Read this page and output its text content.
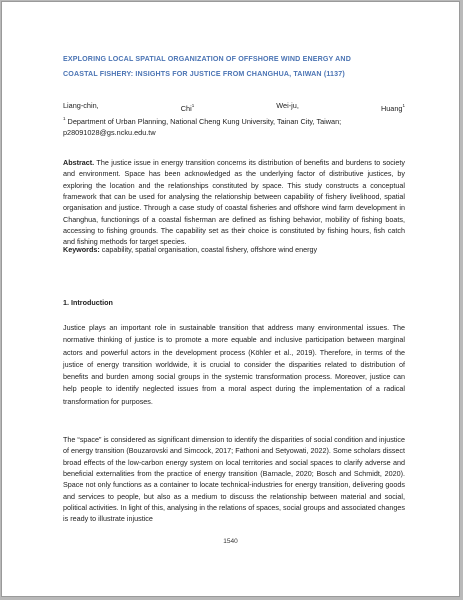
EXPLORING LOCAL SPATIAL ORGANIZATION OF OFFSHORE WIND ENERGY AND
COASTAL FISHERY: INSIGHTS FOR JUSTICE FROM CHANGHUA, TAIWAN (1137)
Liang-chin,	Chi$^1$	Wei-ju,	Huang$^1$
$^1$ Department of Urban Planning, National Cheng Kung University, Tainan City, Taiwan; p28091028@gs.ncku.edu.tw

Abstract. The justice issue in energy transition concerns its distribution of benefits and burdens to society and environment. Space has been acknowledged as the underlying factor of distributive justices, by exploring the location and the relationships constituted by space. This study constructs a conceptual framework that can be used for analysing the relationship between capability of fishery livelihood, spatial organisation and justice. Through a case study of coastal fisheries and offshore wind farm development in Changhua, functionings of a coastal fisherman are defined as fishing behavior, mobility of fishing boats, accessing to fishing grounds. The capability set as their choice is constituted by fishing hours, fish catch and fishing methods for target species.

Keywords: capability, spatial organisation, coastal fishery, offshore wind energy

1. Introduction

Justice plays an important role in sustainable transition that address many environmental issues. The normative thinking of justice is to promote a more equable and inclusive participation between marginal actors and powerful actors in the development process (Köhler et al., 2019). Therefore, in terms of the justice of energy transition worldwide, it is crucial to consider the disparities related to distribution of benefits and burden among social groups in the systemic transformation process. Moreover, justice can help people to identify neglected issues from a moral aspect during the implementation of a radical transformation for purposes.

The “space” is considered as significant dimension to identify the disparities of social condition and injustice of energy transition (Bouzarovski and Simcock, 2017; Fathoni and Setyowati, 2022). Some scholars dissect broad effects of the low-carbon energy system on local territories and social spaces to clarify adverse and beneficial externalities from the practice of energy transition (Barnacle, 2020; Bosch and Schmidt, 2020). Space not only functions as a container to locate technical-industries for energy transition, delivering goods and services to people, but also as a medium to discuss the relationship between material and social, political activities. In light of this, analysing in the relations of spaces, social groups and associated changes is ready to illustrate injustice

1540
